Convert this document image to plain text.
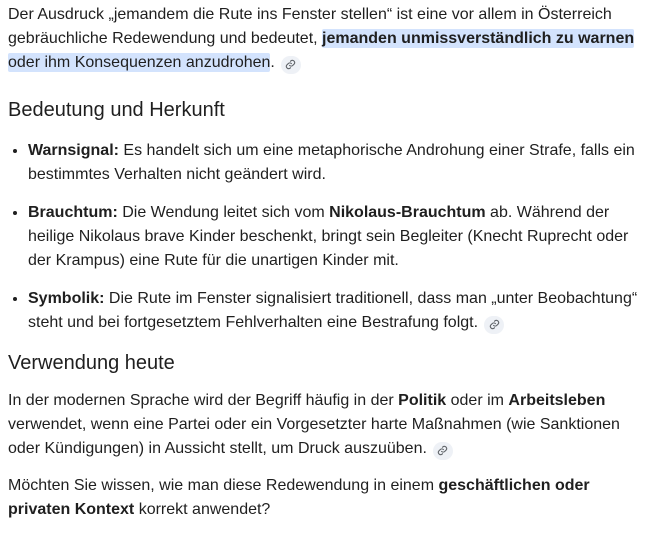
Der Ausdruck „jemandem die Rute ins Fenster stellen“ ist eine vor allem in Österreich gebräuchliche Redewendung und bedeutet, jemanden unmissverständlich zu warnen oder ihm Konsequenzen anzudrohen.

Bedeutung und Herkunft
• Warnsignal: Es handelt sich um eine metaphorische Androhung einer Strafe, falls ein bestimmtes Verhalten nicht geändert wird.
• Brauchtum: Die Wendung leitet sich vom Nikolaus-Brauchtum ab. Während der heilige Nikolaus brave Kinder beschenkt, bringt sein Begleiter (Knecht Ruprecht oder der Krampus) eine Rute für die unartigen Kinder mit.
• Symbolik: Die Rute im Fenster signalisiert traditionell, dass man „unter Beobachtung“ steht und bei fortgesetztem Fehlverhalten eine Bestrafung folgt.
Verwendung heute

In der modernen Sprache wird der Begriff häufig in der Politik oder im Arbeitsleben verwendet, wenn eine Partei oder ein Vorgesetzter harte Maßnahmen (wie Sanktionen oder Kündigungen) in Aussicht stellt, um Druck auszuüben.

Möchten Sie wissen, wie man diese Redewendung in einem geschäftlichen oder privaten Kontext korrekt anwendet?
